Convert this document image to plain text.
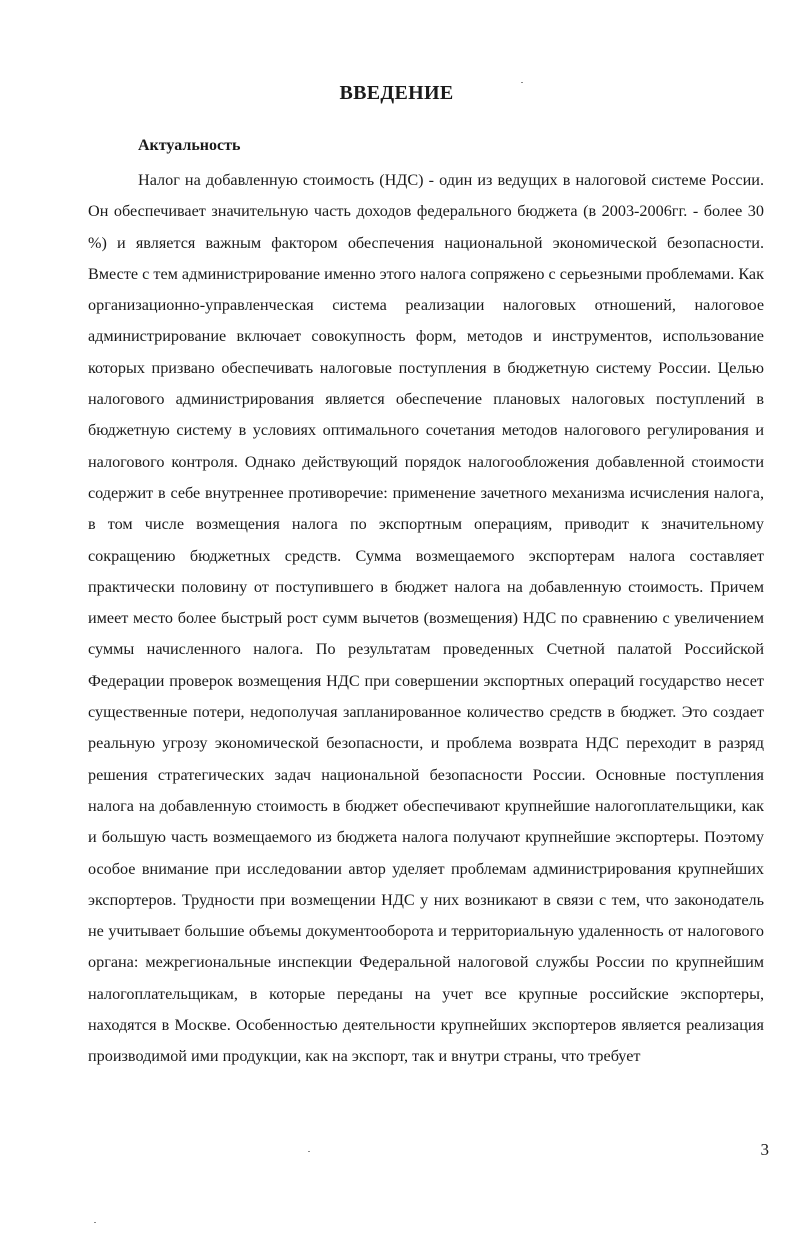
ВВЕДЕНИЕ
Актуальность

Налог на добавленную стоимость (НДС) - один из ведущих в налоговой системе России. Он обеспечивает значительную часть доходов федерального бюджета (в 2003-2006гг. - более 30 %) и является важным фактором обеспечения национальной экономической безопасности. Вместе с тем администрирование именно этого налога сопряжено с серьезными проблемами. Как организационно-управленческая система реализации налоговых отношений, налоговое администрирование включает совокупность форм, методов и инструментов, использование которых призвано обеспечивать налоговые поступления в бюджетную систему России. Целью налогового администрирования является обеспечение плановых налоговых поступлений в бюджетную систему в условиях оптимального сочетания методов налогового регулирования и налогового контроля. Однако действующий порядок налогообложения добавленной стоимости содержит в себе внутреннее противоречие: применение зачетного механизма исчисления налога, в том числе возмещения налога по экспортным операциям, приводит к значительному сокращению бюджетных средств. Сумма возмещаемого экспортерам налога составляет практически половину от поступившего в бюджет налога на добавленную стоимость. Причем имеет место более быстрый рост сумм вычетов (возмещения) НДС по сравнению с увеличением суммы начисленного налога. По результатам проведенных Счетной палатой Российской Федерации проверок возмещения НДС при совершении экспортных операций государство несет существенные потери, недополучая запланированное количество средств в бюджет. Это создает реальную угрозу экономической безопасности, и проблема возврата НДС переходит в разряд решения стратегических задач национальной безопасности России. Основные поступления налога на добавленную стоимость в бюджет обеспечивают крупнейшие налогоплательщики, как и большую часть возмещаемого из бюджета налога получают крупнейшие экспортеры. Поэтому особое внимание при исследовании автор уделяет проблемам администрирования крупнейших экспортеров. Трудности при возмещении НДС у них возникают в связи с тем, что законодатель не учитывает большие объемы документооборота и территориальную удаленность от налогового органа: межрегиональные инспекции Федеральной налоговой службы России по крупнейшим налогоплательщикам, в которые переданы на учет все крупные российские экспортеры, находятся в Москве. Особенностью деятельности крупнейших экспортеров является реализация производимой ими продукции, как на экспорт, так и внутри страны, что требует

3
